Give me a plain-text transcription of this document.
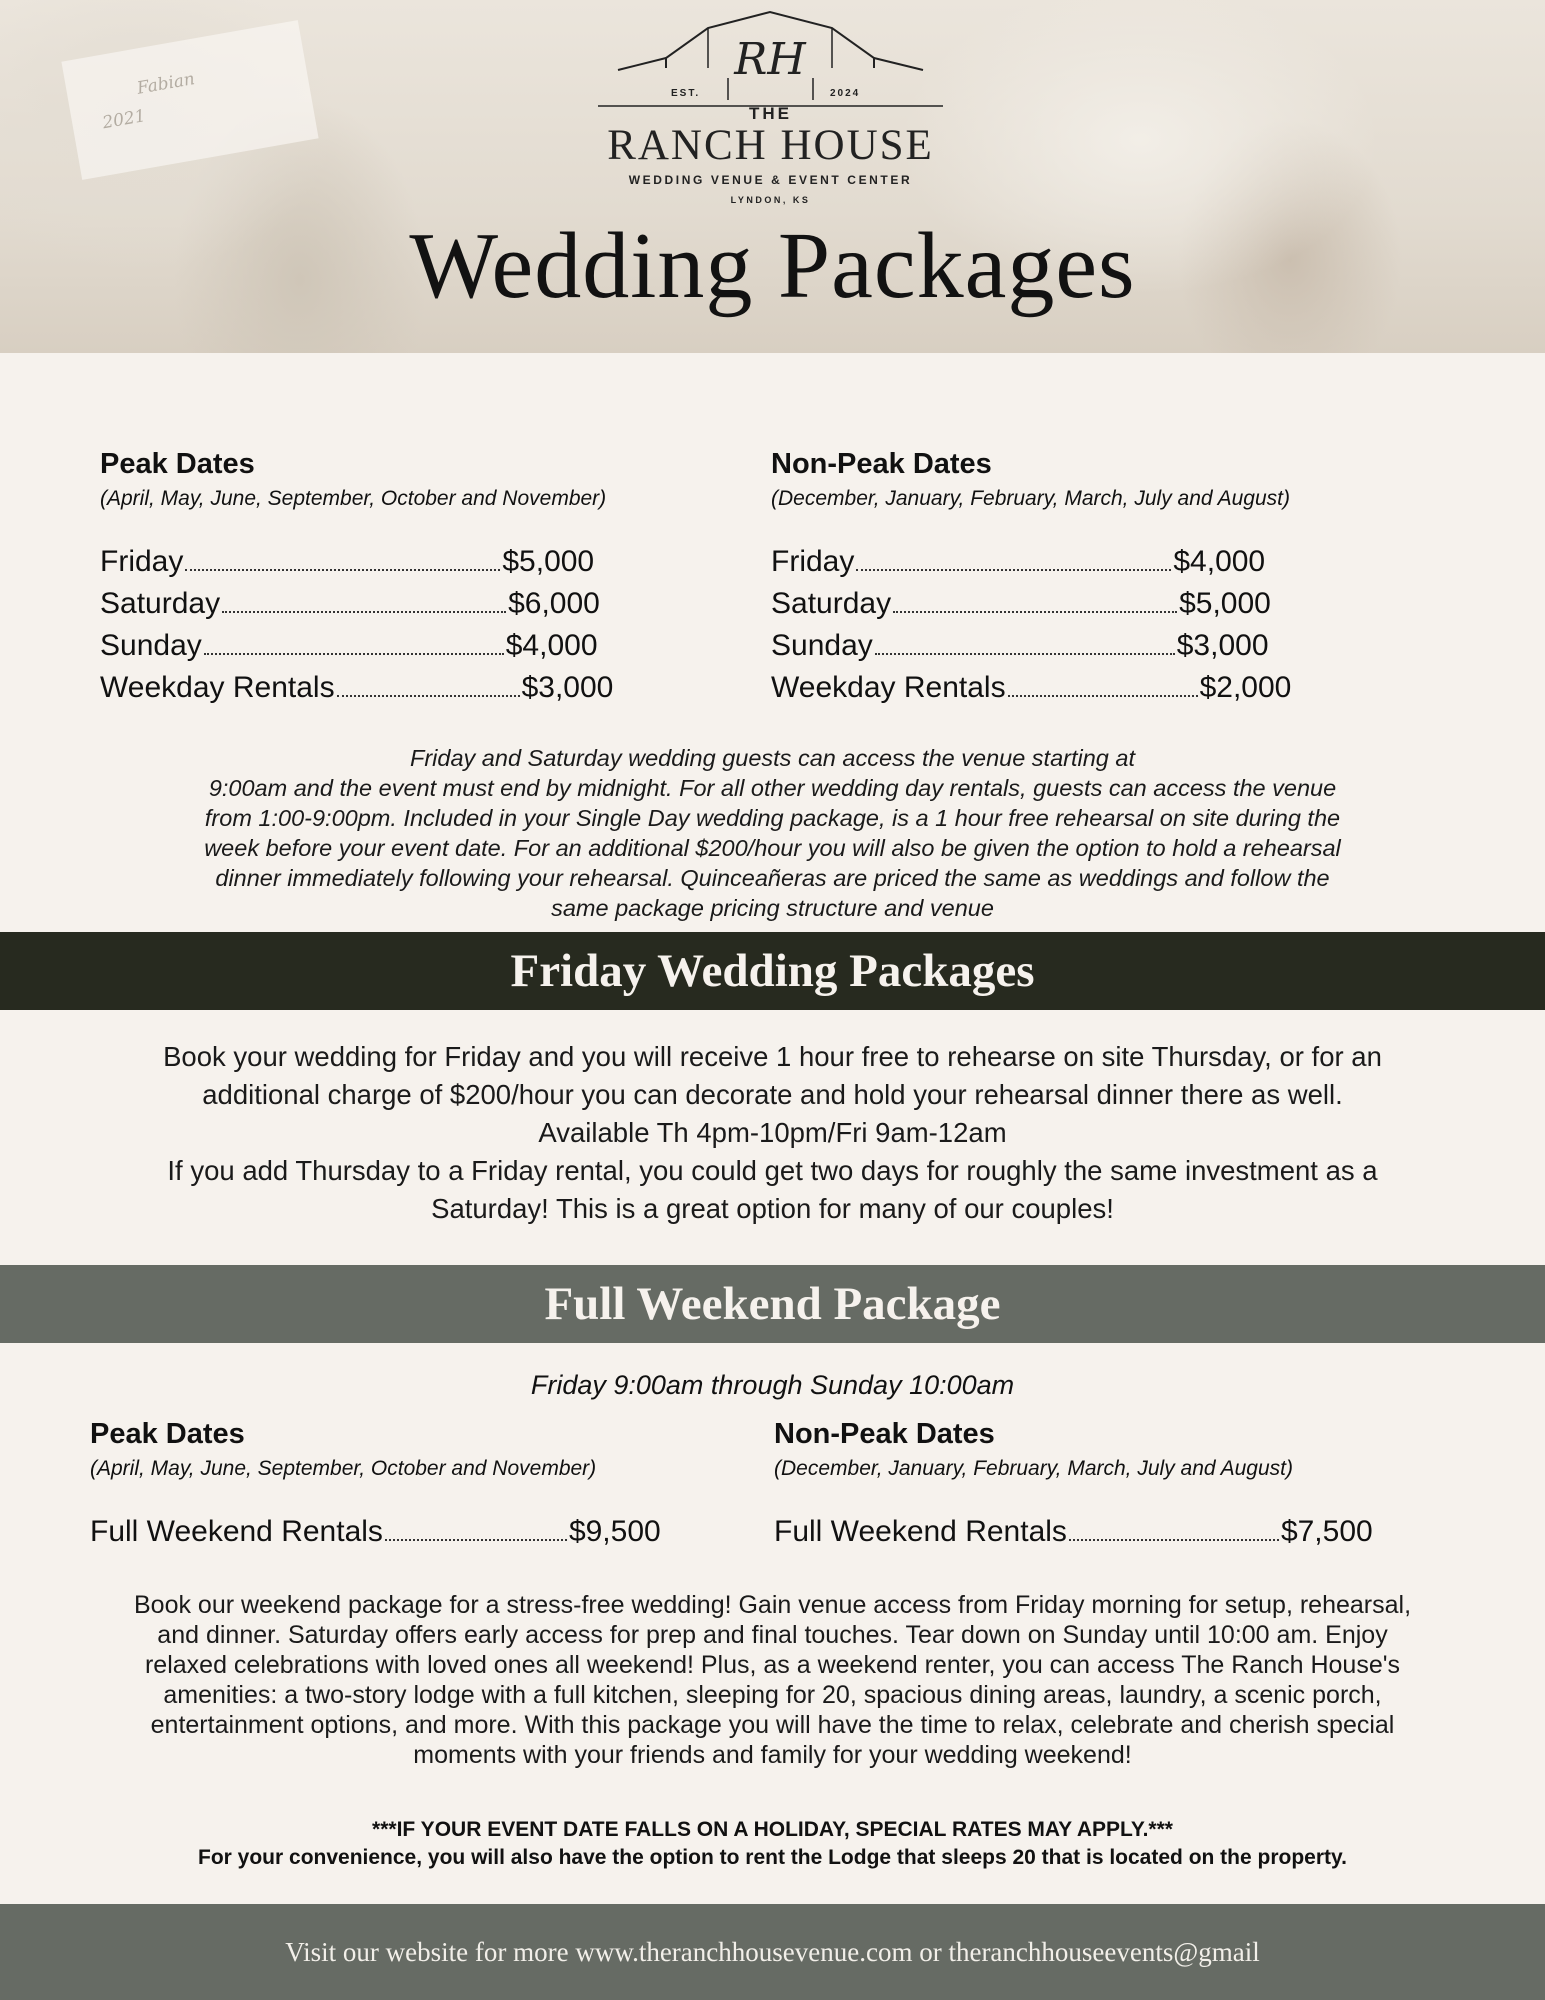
Fabian
2021
RH
EST.	2024
THE
RANCH HOUSE
WEDDING VENUE & EVENT CENTER
LYNDON, KS
Wedding Packages
Peak Dates
(April, May, June, September, October and November)
Friday	$5,000
Saturday	$6,000
Sunday	$4,000
Weekday Rentals	$3,000
Non-Peak Dates
(December, January, February, March, July and August)
Friday	$4,000
Saturday	$5,000
Sunday	$3,000
Weekday Rentals	$2,000
Friday and Saturday wedding guests can access the venue starting at
9:00am and the event must end by midnight. For all other wedding day rentals, guests can access the venue
from 1:00-9:00pm. Included in your Single Day wedding package, is a 1 hour free rehearsal on site during the
week before your event date. For an additional $200/hour you will also be given the option to hold a rehearsal
dinner immediately following your rehearsal. Quinceañeras are priced the same as weddings and follow the
same package pricing structure and venue
Friday Wedding Packages
Book your wedding for Friday and you will receive 1 hour free to rehearse on site Thursday, or for an
additional charge of $200/hour you can decorate and hold your rehearsal dinner there as well.
Available Th 4pm-10pm/Fri 9am-12am
If you add Thursday to a Friday rental, you could get two days for roughly the same investment as a
Saturday! This is a great option for many of our couples!
Full Weekend Package
Friday 9:00am through Sunday 10:00am
Peak Dates
(April, May, June, September, October and November)
Full Weekend Rentals	$9,500
Non-Peak Dates
(December, January, February, March, July and August)
Full Weekend Rentals	$7,500
Book our weekend package for a stress-free wedding! Gain venue access from Friday morning for setup, rehearsal,
and dinner. Saturday offers early access for prep and final touches. Tear down on Sunday until 10:00 am. Enjoy
relaxed celebrations with loved ones all weekend! Plus, as a weekend renter, you can access The Ranch House's
amenities: a two-story lodge with a full kitchen, sleeping for 20, spacious dining areas, laundry, a scenic porch,
entertainment options, and more. With this package you will have the time to relax, celebrate and cherish special
moments with your friends and family for your wedding weekend!
***IF YOUR EVENT DATE FALLS ON A HOLIDAY, SPECIAL RATES MAY APPLY.***
For your convenience, you will also have the option to rent the Lodge that sleeps 20 that is located on the property.
Visit our website for more www.theranchhousevenue.com or theranchhouseevents@gmail
